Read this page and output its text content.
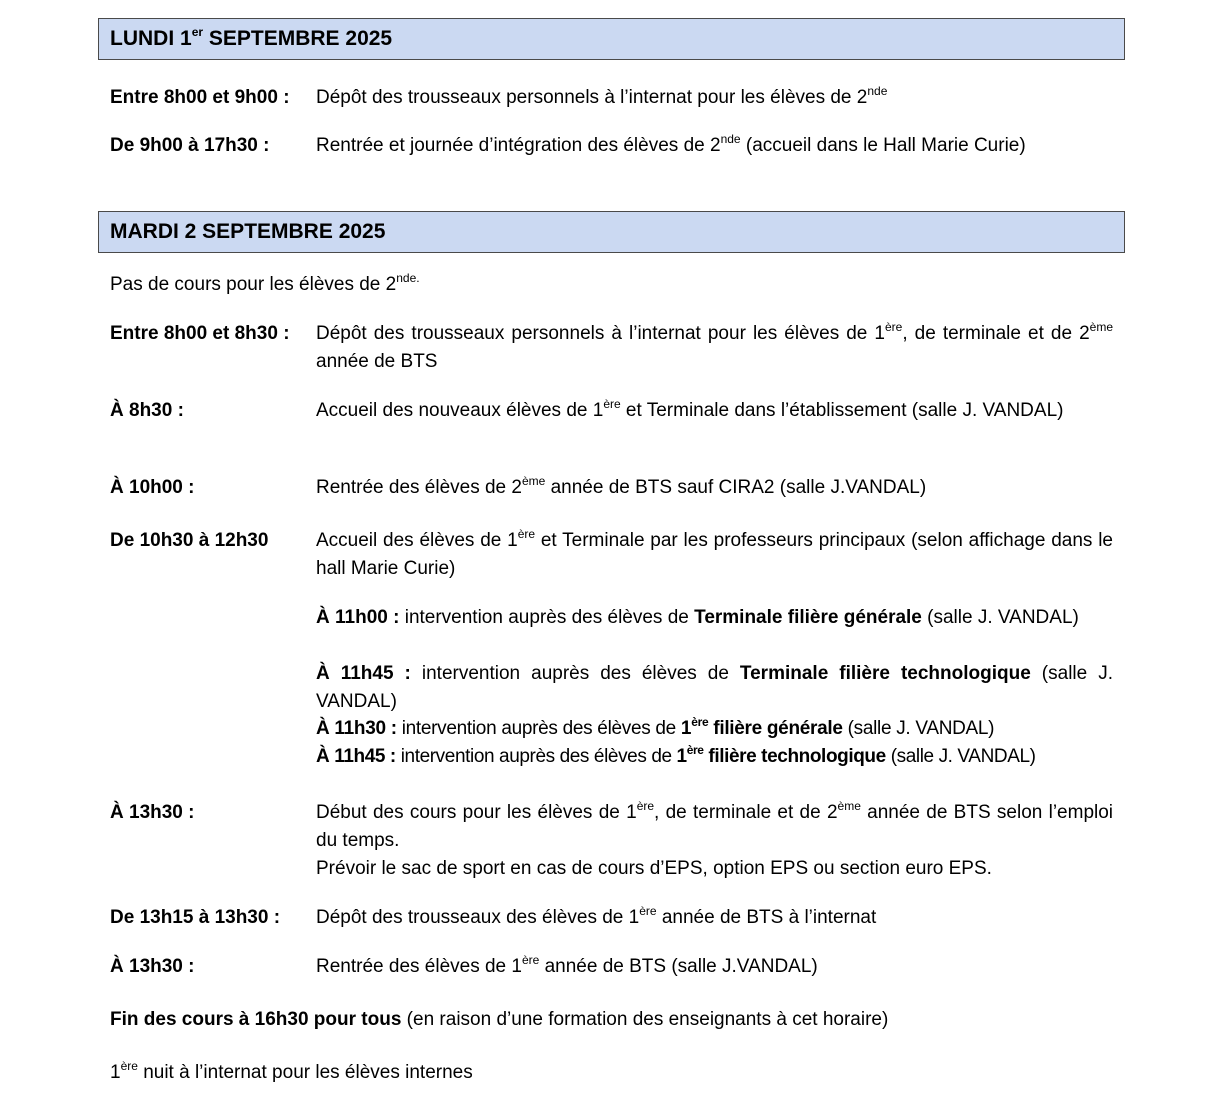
LUNDI 1er SEPTEMBRE 2025
Entre 8h00 et 9h00 : Dépôt des trousseaux personnels à l’internat pour les élèves de 2nde
De 9h00 à 17h30 : Rentrée et journée d’intégration des élèves de 2nde (accueil dans le Hall Marie Curie)
MARDI 2 SEPTEMBRE 2025
Pas de cours pour les élèves de $2^{nde.}$
Entre 8h00 et 8h30 : Dépôt des trousseaux personnels à l’internat pour les élèves de 1ère, de terminale et de 2ème année de BTS
À 8h30 :	Accueil des nouveaux élèves de 1ère et Terminale dans l’établissement (salle J. VANDAL)
À 10h00 :	Rentrée des élèves de 2ème année de BTS sauf CIRA2 (salle J.VANDAL)
De 10h30 à 12h30	Accueil des élèves de 1ère et Terminale par les professeurs principaux (selon affichage dans le hall Marie Curie)
À 11h00 : intervention auprès des élèves de Terminale filière générale (salle J. VANDAL)
À 11h45 : intervention auprès des élèves de Terminale filière technologique (salle J. VANDAL)
À 11h30 : intervention auprès des élèves de 1ère filière générale (salle J. VANDAL)
À 11h45 : intervention auprès des élèves de 1ère filière technologique (salle J. VANDAL)
À 13h30 :	Début des cours pour les élèves de 1ère, de terminale et de 2ème année de BTS selon l’emploi du temps.
Prévoir le sac de sport en cas de cours d’EPS, option EPS ou section euro EPS.
De 13h15 à 13h30 : Dépôt des trousseaux des élèves de 1ère année de BTS à l’internat
À 13h30 :	Rentrée des élèves de 1ère année de BTS (salle J.VANDAL)
Fin des cours à 16h30 pour tous (en raison d’une formation des enseignants à cet horaire)
1ère nuit à l’internat pour les élèves internes
